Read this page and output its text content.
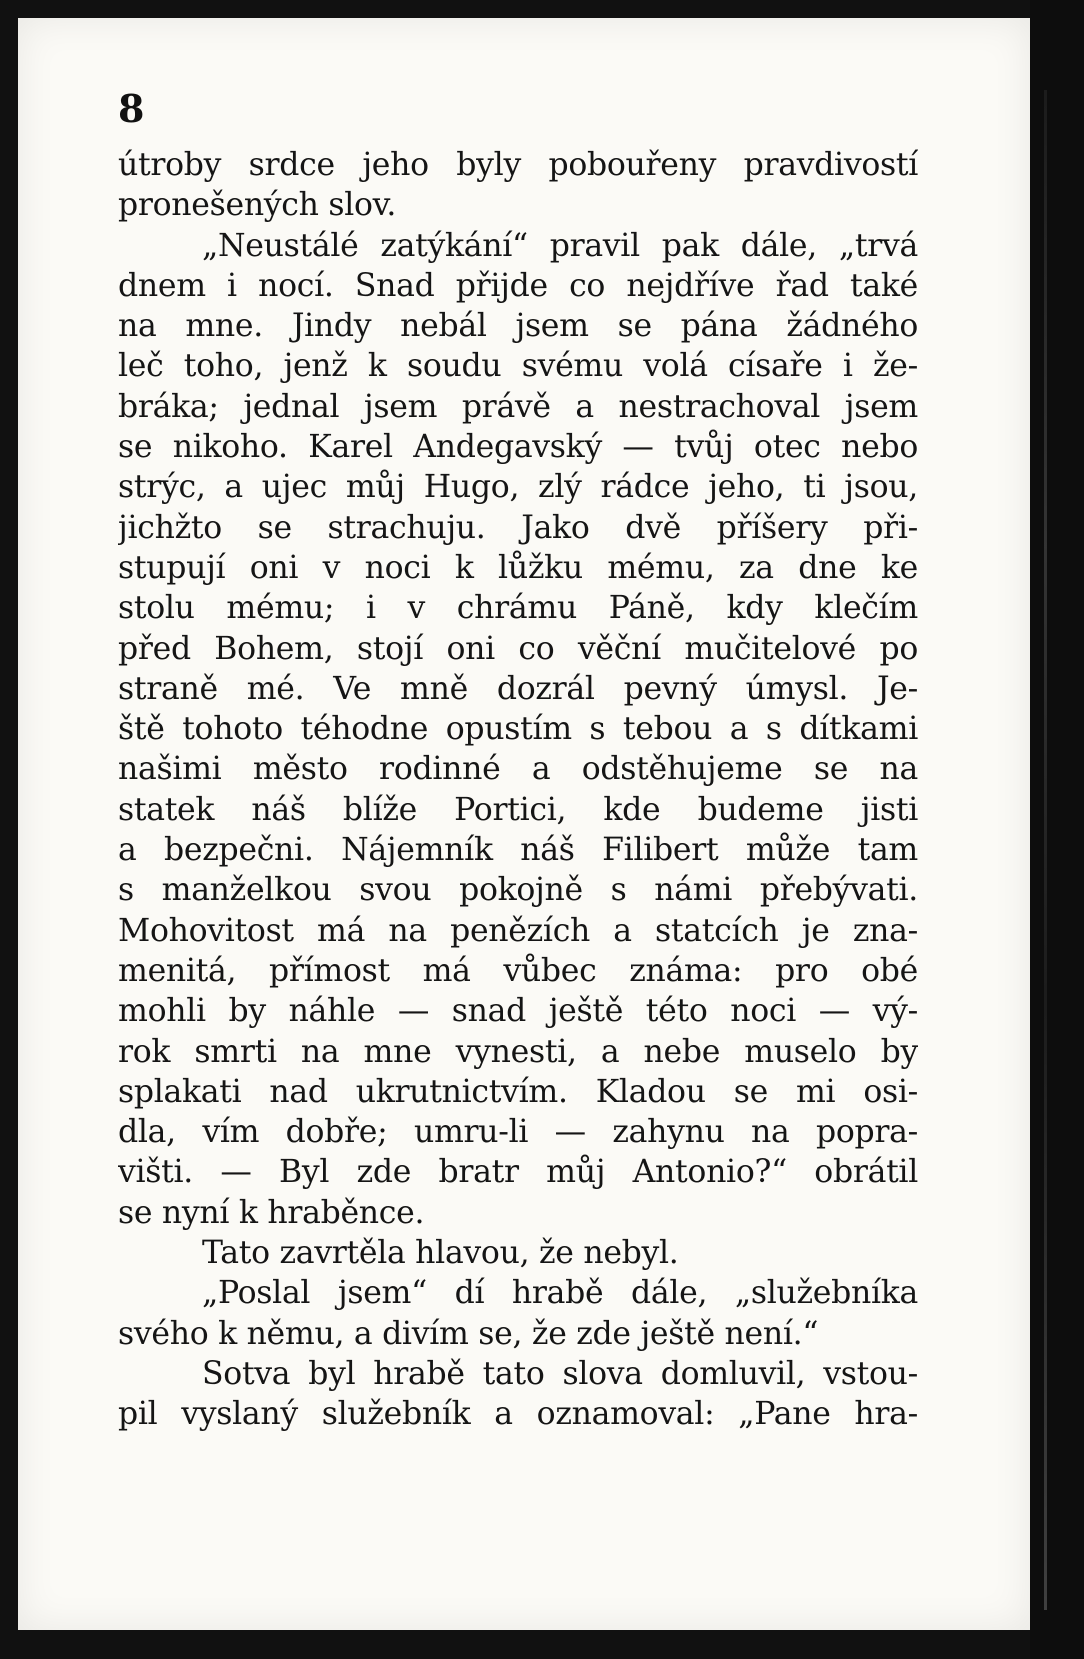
8
útroby srdce jeho byly pobouřeny pravdivostí
pronešených slov.
„Neustálé zatýkání“ pravil pak dále, „trvá
dnem i nocí. Snad přijde co nejdříve řad také
na mne. Jindy nebál jsem se pána žádného
leč toho, jenž k soudu svému volá císaře i že-
bráka; jednal jsem právě a nestrachoval jsem
se nikoho. Karel Andegavský — tvůj otec nebo
strýc, a ujec můj Hugo, zlý rádce jeho, ti jsou,
jichžto se strachuju. Jako dvě příšery při-
stupují oni v noci k lůžku mému, za dne ke
stolu mému; i v chrámu Páně, kdy klečím
před Bohem, stojí oni co věční mučitelové po
straně mé. Ve mně dozrál pevný úmysl. Je-
ště tohoto téhodne opustím s tebou a s dítkami
našimi město rodinné a odstěhujeme se na
statek náš blíže Portici, kde budeme jisti
a bezpečni. Nájemník náš Filibert může tam
s manželkou svou pokojně s námi přebývati.
Mohovitost má na penězích a statcích je zna-
menitá, přímost má vůbec známa: pro obé
mohli by náhle — snad ještě této noci — vý-
rok smrti na mne vynesti, a nebe muselo by
splakati nad ukrutnictvím. Kladou se mi osi-
dla, vím dobře; umru-li — zahynu na popra-
višti. — Byl zde bratr můj Antonio?“ obrátil
se nyní k hraběnce.
Tato zavrtěla hlavou, že nebyl.
„Poslal jsem“ dí hrabě dále, „služebníka
svého k němu, a divím se, že zde ještě není.“
Sotva byl hrabě tato slova domluvil, vstou-
pil vyslaný služebník a oznamoval: „Pane hra-
